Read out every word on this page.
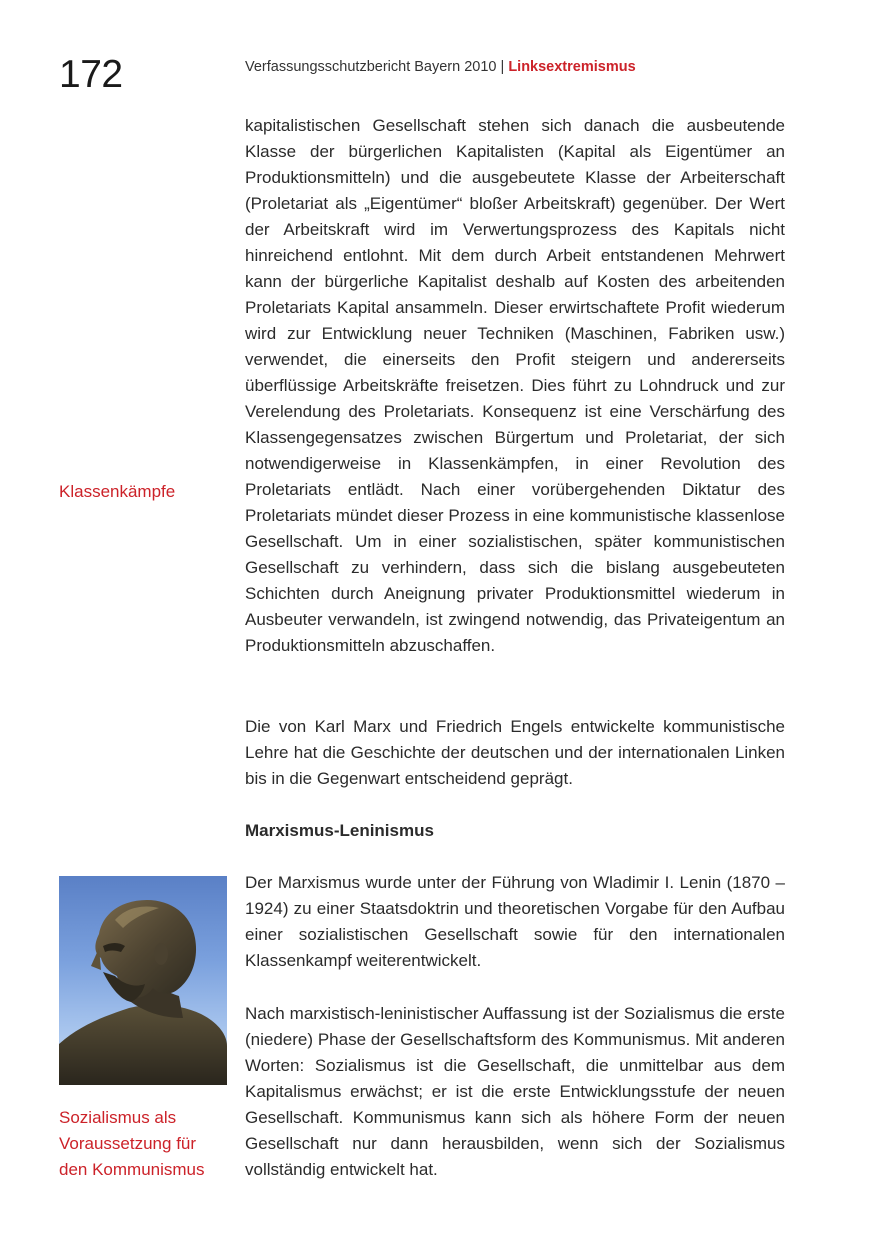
172	Verfassungsschutzbericht Bayern 2010 | Linksextremismus

kapitalistischen Gesellschaft stehen sich danach die ausbeutende Klasse der bürgerlichen Kapitalisten (Kapital als Eigentümer an Produktionsmitteln) und die ausgebeutete Klasse der Arbeiterschaft (Proletariat als „Eigentümer“ bloßer Arbeitskraft) gegenüber. Der Wert der Arbeitskraft wird im Verwertungsprozess des Kapitals nicht hinreichend entlohnt. Mit dem durch Arbeit entstandenen Mehrwert kann der bürgerliche Kapitalist deshalb auf Kosten des arbeitenden Proletariats Kapital ansammeln. Dieser erwirtschaftete Profit wiederum wird zur Entwicklung neuer Techniken (Maschinen, Fabriken usw.) verwendet, die einerseits den Profit steigern und andererseits überflüssige Arbeitskräfte freisetzen. Dies führt zu Lohndruck und zur Verelendung des Proletariats. Konsequenz ist eine Verschärfung des Klassengegensatzes zwischen Bürgertum und Proletariat, der sich notwendigerweise in Klassenkämpfen, in einer Revolution des Proletariats entlädt. Nach einer vorübergehenden Diktatur des Proletariats mündet dieser Prozess in eine kommunistische klassenlose Gesellschaft. Um in einer sozialistischen, später kommunistischen Gesellschaft zu verhindern, dass sich die bislang ausgebeuteten Schichten durch Aneignung privater Produktionsmittel wiederum in Ausbeuter verwandeln, ist zwingend notwendig, das Privateigentum an Produktionsmitteln abzuschaffen.

Klassenkämpfe

Die von Karl Marx und Friedrich Engels entwickelte kommunistische Lehre hat die Geschichte der deutschen und der internationalen Linken bis in die Gegenwart entscheidend geprägt.

Marxismus-Leninismus

Der Marxismus wurde unter der Führung von Wladimir I. Lenin (1870 –1924) zu einer Staatsdoktrin und theoretischen Vorgabe für den Aufbau einer sozialistischen Gesellschaft sowie für den internationalen Klassenkampf weiterentwickelt.

Nach marxistisch-leninistischer Auffassung ist der Sozialismus die erste (niedere) Phase der Gesellschaftsform des Kommunismus. Mit anderen Worten: Sozialismus ist die Gesellschaft, die unmittelbar aus dem Kapitalismus erwächst; er ist die erste Entwicklungsstufe der neuen Gesellschaft. Kommunismus kann sich als höhere Form der neuen Gesellschaft nur dann herausbilden, wenn sich der Sozialismus vollständig entwickelt hat.

Sozialismus als Voraussetzung für den Kommunismus
